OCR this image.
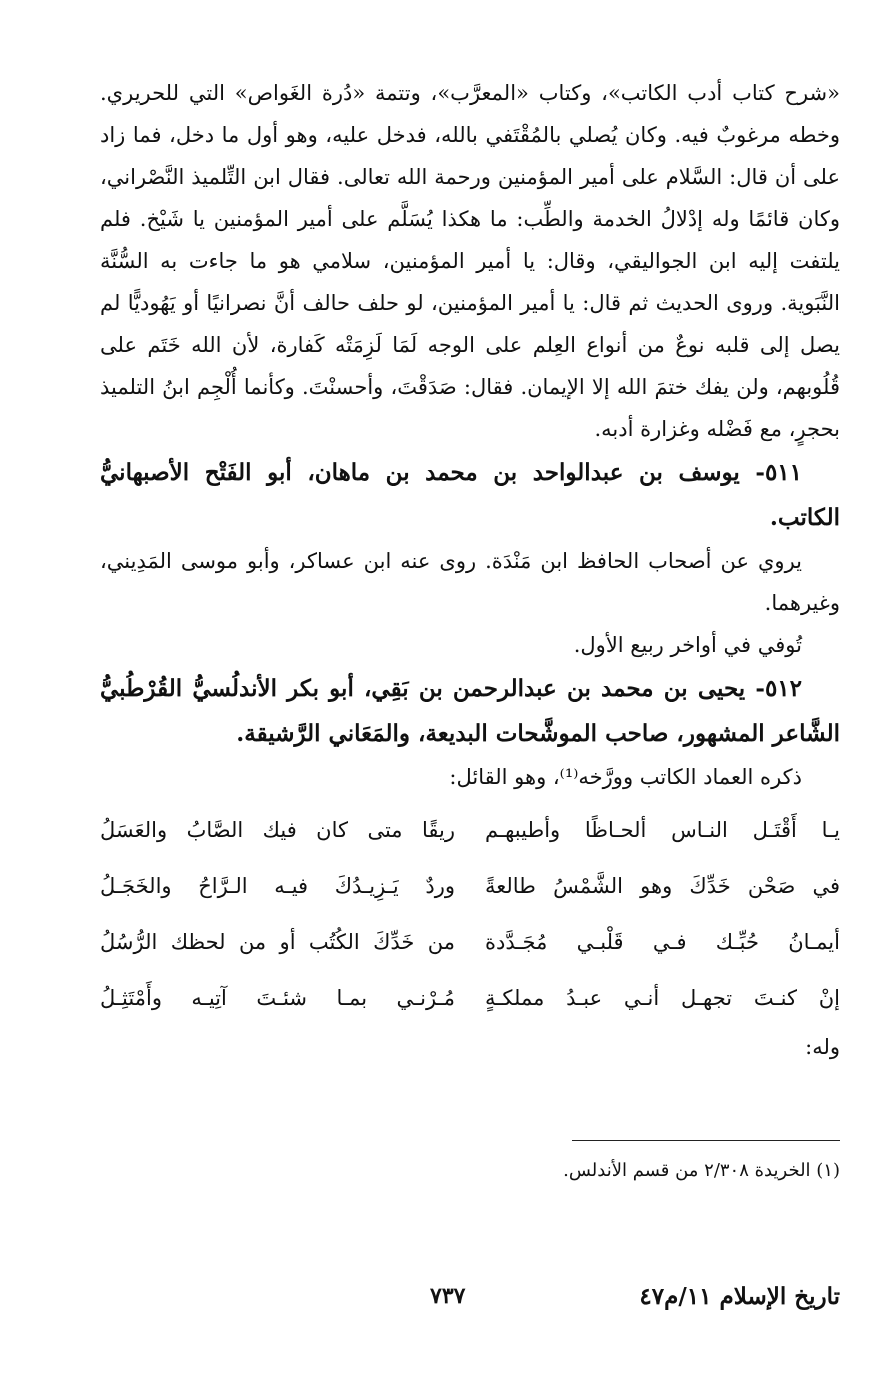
«شرح كتاب أدب الكاتب»، وكتاب «المعرَّب»، وتتمة «دُرة الغَواص» التي للحريري. وخطه مرغوبٌ فيه. وكان يُصلي بالمُقْتَفي بالله، فدخل عليه، وهو أول ما دخل، فما زاد على أن قال: السَّلام على أمير المؤمنين ورحمة الله تعالى. فقال ابن التِّلميذ النَّصْراني، وكان قائمًا وله إدْلالُ الخدمة والطِّب: ما هكذا يُسَلَّم على أمير المؤمنين يا شَيْخ. فلم يلتفت إليه ابن الجواليقي، وقال: يا أمير المؤمنين، سلامي هو ما جاءت به السُّنَّة النَّبَوية. وروى الحديث ثم قال: يا أمير المؤمنين، لو حلف حالف أنَّ نصرانيًا أو يَهُوديًّا لم يصل إلى قلبه نوعٌ من أنواع العِلم على الوجه لَمَا لَزِمَتْه كَفارة، لأن الله خَتَم على قُلُوبهم، ولن يفك ختمَ الله إلا الإيمان. فقال: صَدَقْتَ، وأحسنْتَ. وكأنما أُلْجِم ابنُ التلميذ بحجرٍ، مع فَضْله وغزارة أدبه.

٥١١- يوسف بن عبدالواحد بن محمد بن ماهان، أبو الفَتْح الأصبهانيُّ الكاتب.

يروي عن أصحاب الحافظ ابن مَنْدَة. روى عنه ابن عساكر، وأبو موسى المَدِيني، وغيرهما.

تُوفي في أواخر ربيع الأول.

٥١٢- يحيى بن محمد بن عبدالرحمن بن بَقِي، أبو بكر الأندلُسيُّ القُرْطُبيُّ الشَّاعر المشهور، صاحب الموشَّحات البديعة، والمَعَاني الرَّشيقة.

ذكره العماد الكاتب وورَّخه⁽¹⁾، وهو القائل:

يـا أَقْتَـل النـاس ألحـاظًا وأطيبهـم
ريقًا متى كان فيك الصَّابُ والعَسَلُ
في صَحْن خَدِّكَ وهو الشَّمْسُ طالعةً
وردٌ يَـزِيـدُكَ فيـه الـرَّاحُ والخَجَـلُ
أيمـانُ حُبِّـك فـي قَلْبـي مُجَـدَّدة
من خَدِّكَ الكُتُب أو من لحظك الرُّسُلُ
إنْ كنـتَ تجهـل أنـي عبـدُ مملكـةٍ
مُـرْنـي بمـا شئـتَ آتِيـه وأَمْتَثِـلُ

وله:

(١) الخريدة ٢/٣٠٨ من قسم الأندلس.
تاريخ الإسلام ١١/م٤٧
٧٣٧
